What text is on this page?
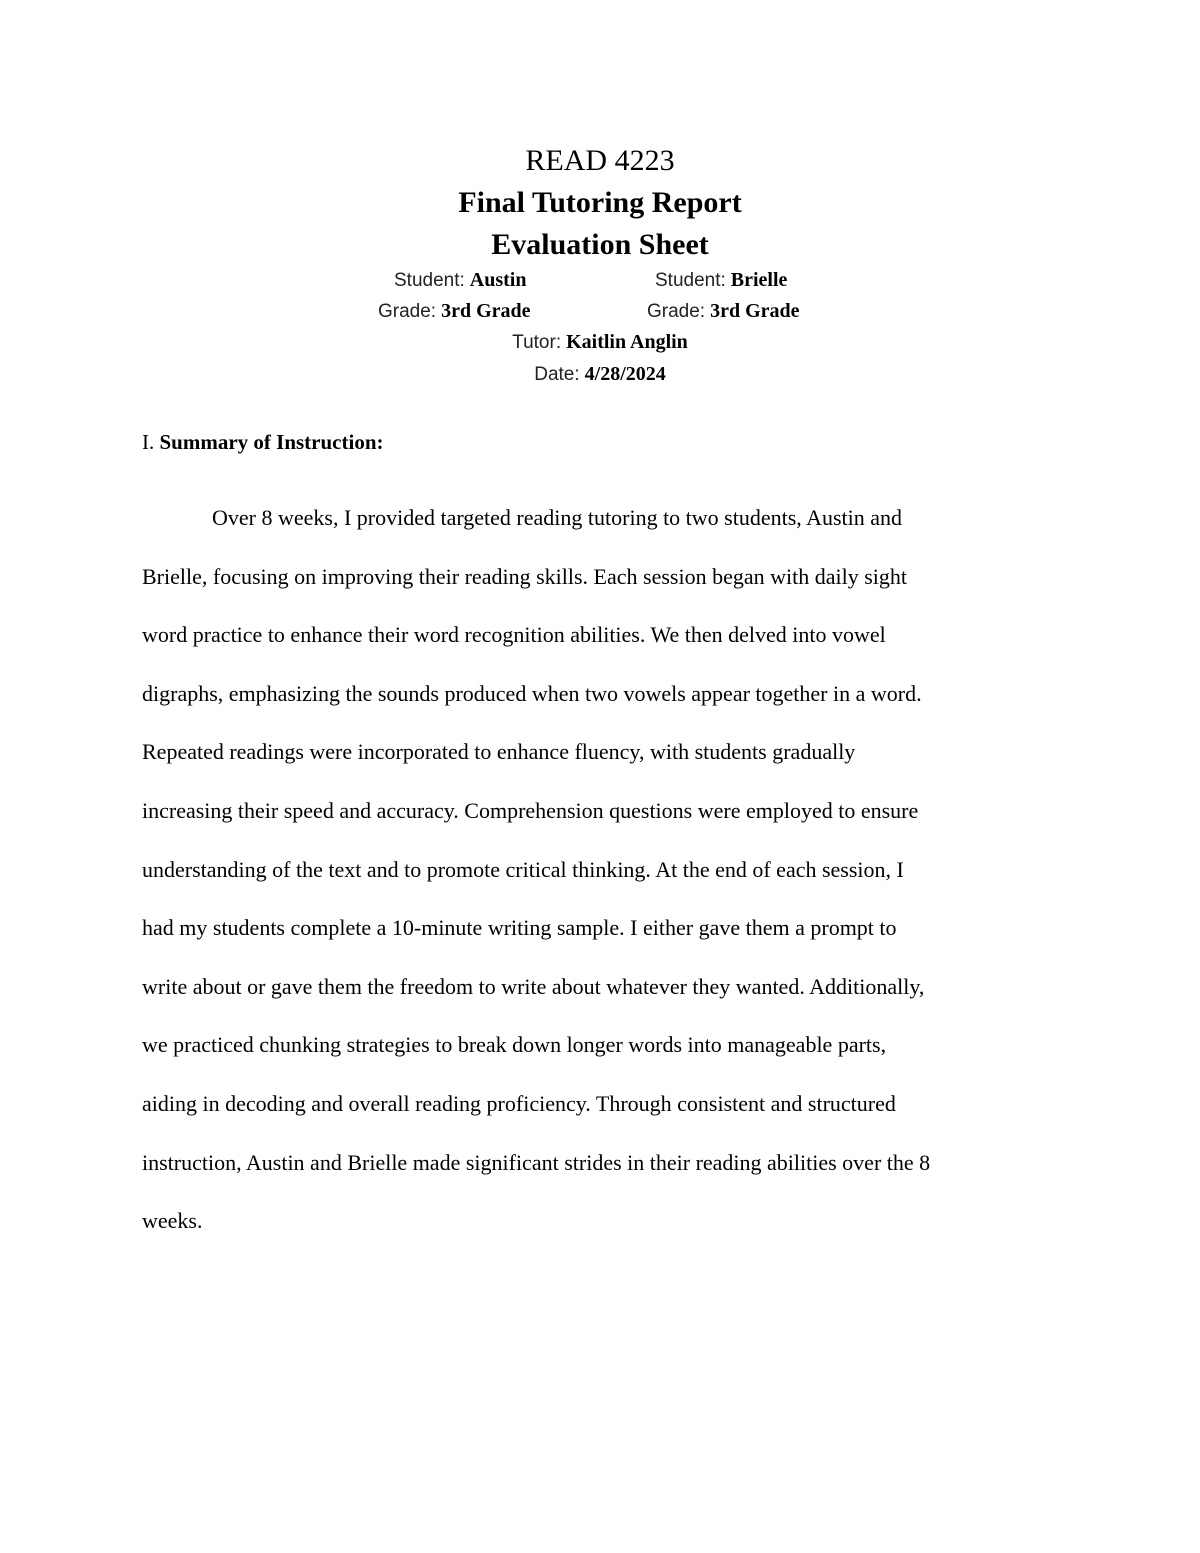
READ 4223
Final Tutoring Report
Evaluation Sheet
Student: Austin	Student: Brielle
Grade: 3rd Grade	Grade: 3rd Grade
Tutor: Kaitlin Anglin
Date: 4/28/2024
I. Summary of Instruction:
Over 8 weeks, I provided targeted reading tutoring to two students, Austin and
Brielle, focusing on improving their reading skills. Each session began with daily sight
word practice to enhance their word recognition abilities. We then delved into vowel
digraphs, emphasizing the sounds produced when two vowels appear together in a word.
Repeated readings were incorporated to enhance fluency, with students gradually
increasing their speed and accuracy. Comprehension questions were employed to ensure
understanding of the text and to promote critical thinking. At the end of each session, I
had my students complete a 10-minute writing sample. I either gave them a prompt to
write about or gave them the freedom to write about whatever they wanted. Additionally,
we practiced chunking strategies to break down longer words into manageable parts,
aiding in decoding and overall reading proficiency. Through consistent and structured
instruction, Austin and Brielle made significant strides in their reading abilities over the 8
weeks.
